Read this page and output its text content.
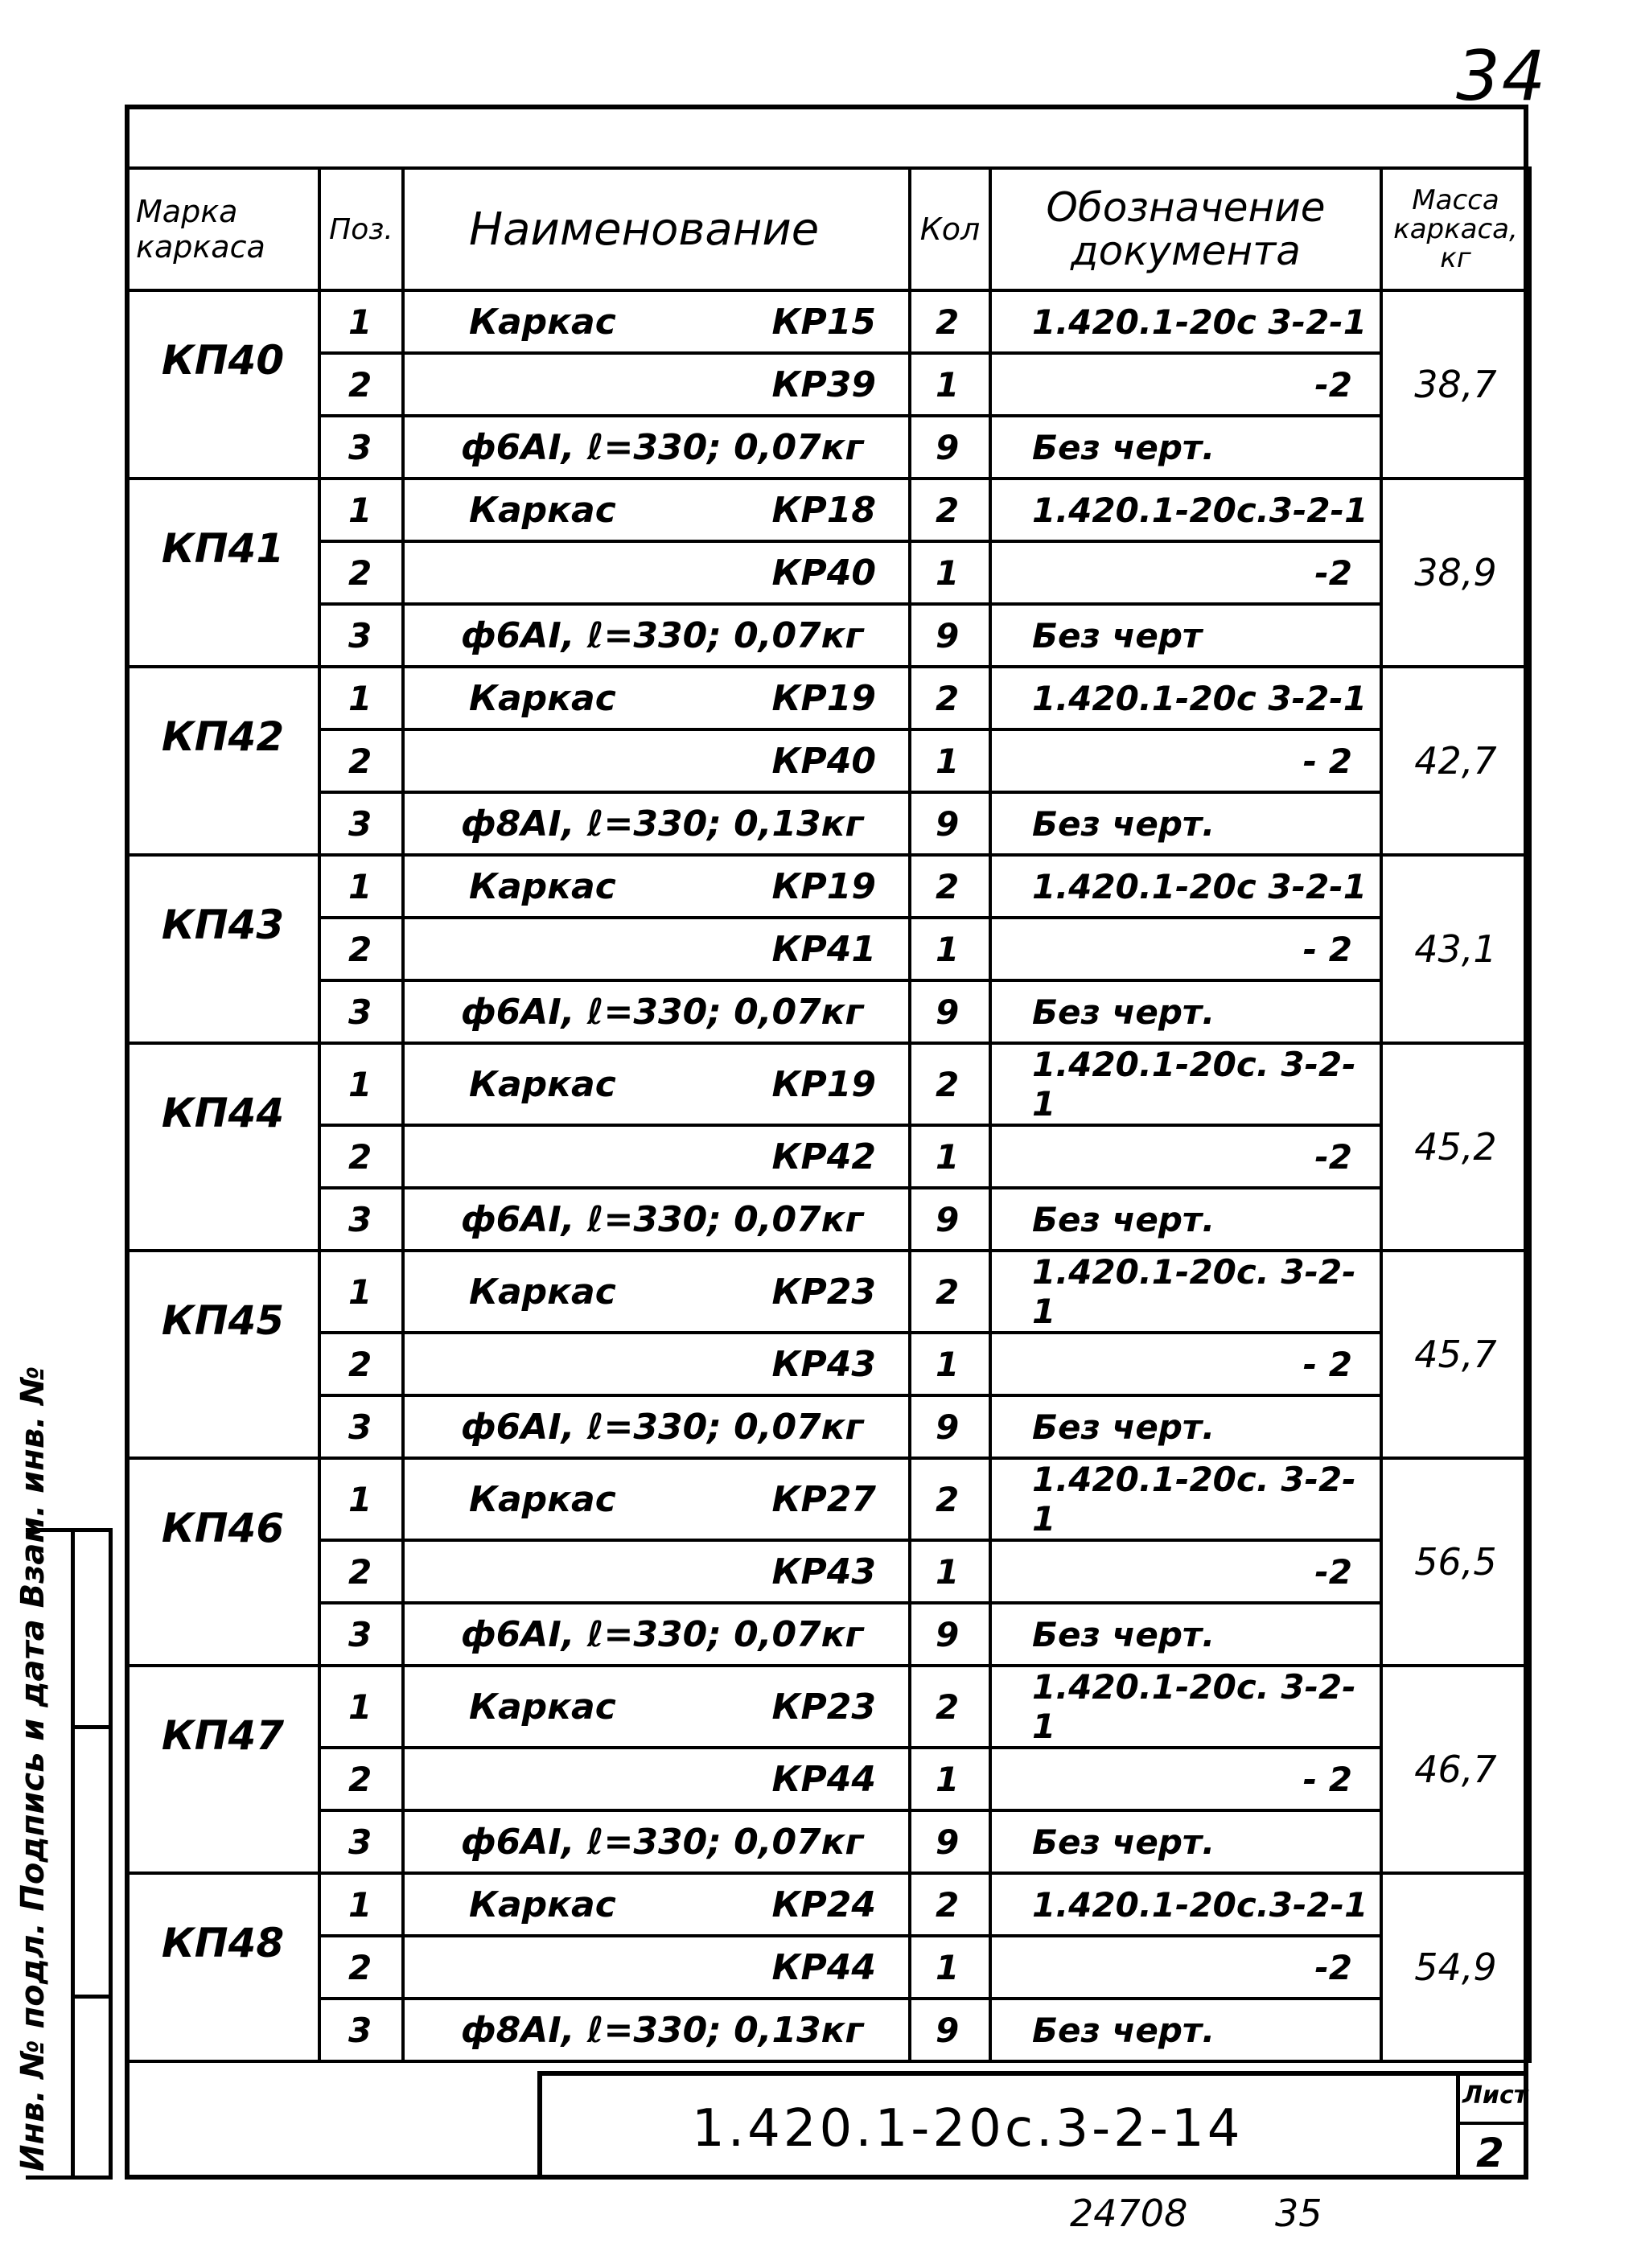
34
Марка каркаса	Поз.	Наименование	Кол	Обозначение документа	Масса каркаса, кг
КП40	1	Каркас КР15	2	1.420.1-20с 3-2-1	38,7
	2	КР39	1	-2	
	3	ф6АI, ℓ=330; 0,07кг	9	Без черт.	
КП41	1	Каркас КР18	2	1.420.1-20с.3-2-1	38,9
	2	КР40	1	-2	
	3	ф6АI, ℓ=330; 0,07кг	9	Без черт	
КП42	1	Каркас КР19	2	1.420.1-20с 3-2-1	42,7
	2	КР40	1	- 2	
	3	ф8АI, ℓ=330; 0,13кг	9	Без черт.	
КП43	1	Каркас КР19	2	1.420.1-20с 3-2-1	43,1
	2	КР41	1	- 2	
	3	ф6АI, ℓ=330; 0,07кг	9	Без черт.	
КП44	1	Каркас КР19	2	1.420.1-20с. 3-2-1	45,2
	2	КР42	1	-2	
	3	ф6АI, ℓ=330; 0,07кг	9	Без черт.	
КП45	1	Каркас КР23	2	1.420.1-20с. 3-2-1	45,7
	2	КР43	1	- 2	
	3	ф6АI, ℓ=330; 0,07кг	9	Без черт.	
КП46	1	Каркас КР27	2	1.420.1-20с. 3-2-1	56,5
	2	КР43	1	-2	
	3	ф6АI, ℓ=330; 0,07кг	9	Без черт.	
КП47	1	Каркас КР23	2	1.420.1-20с. 3-2-1	46,7
	2	КР44	1	- 2	
	3	ф6АI, ℓ=330; 0,07кг	9	Без черт.	
КП48	1	Каркас КР24	2	1.420.1-20с.3-2-1	54,9
	2	КР44	1	-2	
	3	ф8АI, ℓ=330; 0,13кг	9	Без черт.	
Инв. № подл. Подпись и дата Взам. инв. №	1.420.1-20с.3-2-14
Лист
2
24708 35
